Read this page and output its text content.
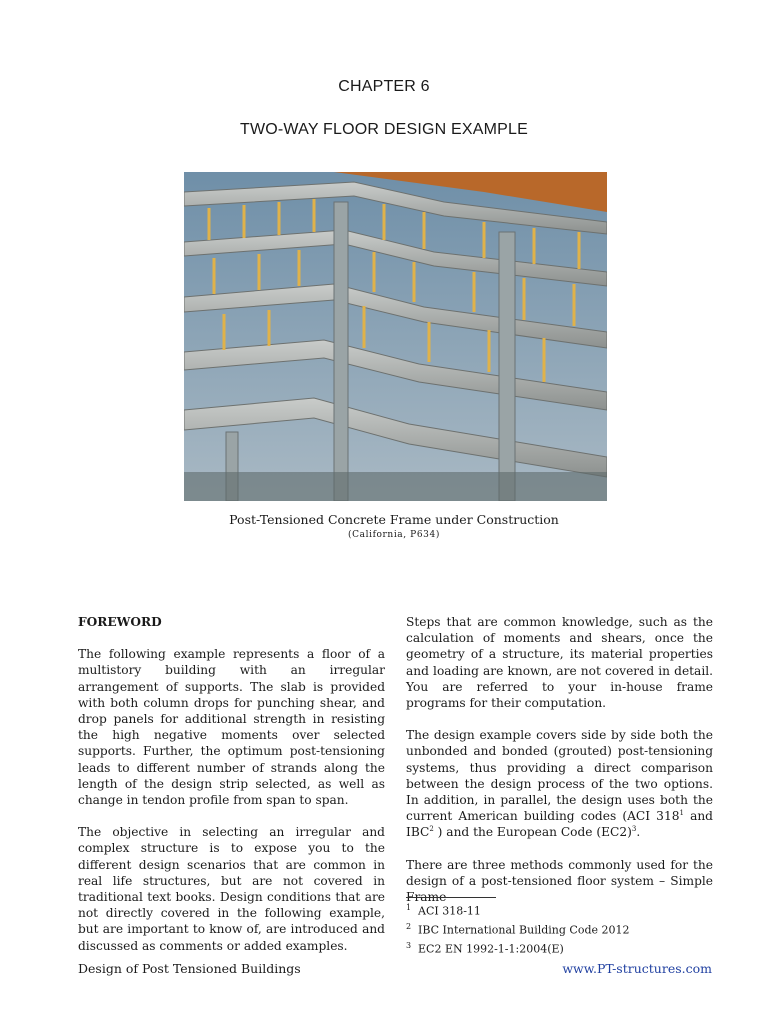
CHAPTER 6
TWO-WAY FLOOR DESIGN EXAMPLE
Post-Tensioned Concrete Frame under Construction
(California, P634)
FOREWORD

The following example represents a floor of a multistory building with an irregular arrangement of supports. The slab is provided with both column drops for punching shear, and drop panels for additional strength in resisting the high negative moments over selected supports. Further, the optimum post-tensioning leads to different number of strands along the length of the design strip selected, as well as change in tendon profile from span to span.

The objective in selecting an irregular and complex structure is to expose you to the different design scenarios that are common in real life structures, but are not covered in traditional text books. Design conditions that are not directly covered in the following example, but are important to know of, are introduced and discussed as comments or added examples.

Steps that are common knowledge, such as the calculation of moments and shears, once the geometry of a structure, its material properties and loading are known, are not covered in detail. You are referred to your in-house frame programs for their computation.

The design example covers side by side both the unbonded and bonded (grouted) post-tensioning systems, thus providing a direct comparison between the design process of the two options. In addition, in parallel, the design uses both the current American building codes (ACI $318^1$ and IBC$^2$ ) and the European Code $(EC2)^3$.

There are three methods commonly used for the design of a post-tensioned floor system – Simple Frame

1 ACI 318-11
2 IBC International Building Code 2012
3 EC2 EN 1992-1-1:2004(E)
Design of Post Tensioned Buildings	www.PT-structures.com
